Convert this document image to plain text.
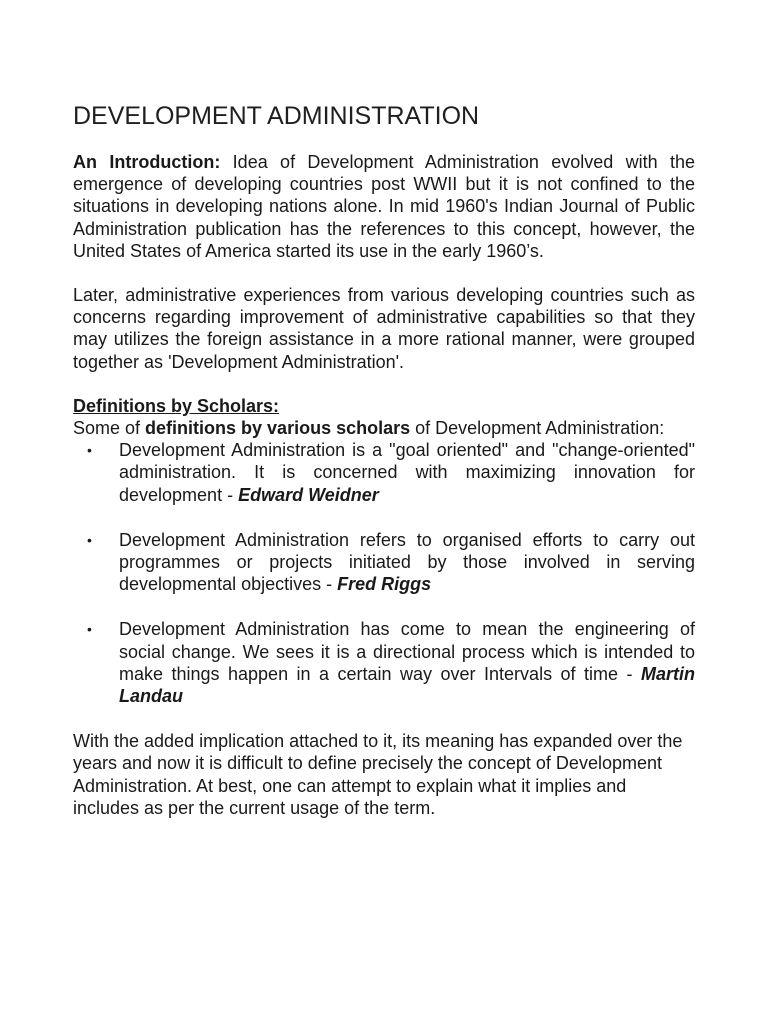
DEVELOPMENT ADMINISTRATION

An Introduction: Idea of Development Administration evolved with the emergence of developing countries post WWII but it is not confined to the situations in developing nations alone. In mid 1960's Indian Journal of Public Administration publication has the references to this concept, however, the United States of America started its use in the early 1960’s.

Later, administrative experiences from various developing countries such as concerns regarding improvement of administrative capabilities so that they may utilizes the foreign assistance in a more rational manner, were grouped together as 'Development Administration'.

Definitions by Scholars:

Some of definitions by various scholars of Development Administration:

• Development Administration is a "goal oriented" and "change-oriented" administration. It is concerned with maximizing innovation for development - Edward Weidner
• Development Administration refers to organised efforts to carry out programmes or projects initiated by those involved in serving developmental objectives - Fred Riggs
• Development Administration has come to mean the engineering of social change. We sees it is a directional process which is intended to make things happen in a certain way over Intervals of time - Martin Landau

With the added implication attached to it, its meaning has expanded over the years and now it is difficult to define precisely the concept of Development Administration. At best, one can attempt to explain what it implies and includes as per the current usage of the term.
